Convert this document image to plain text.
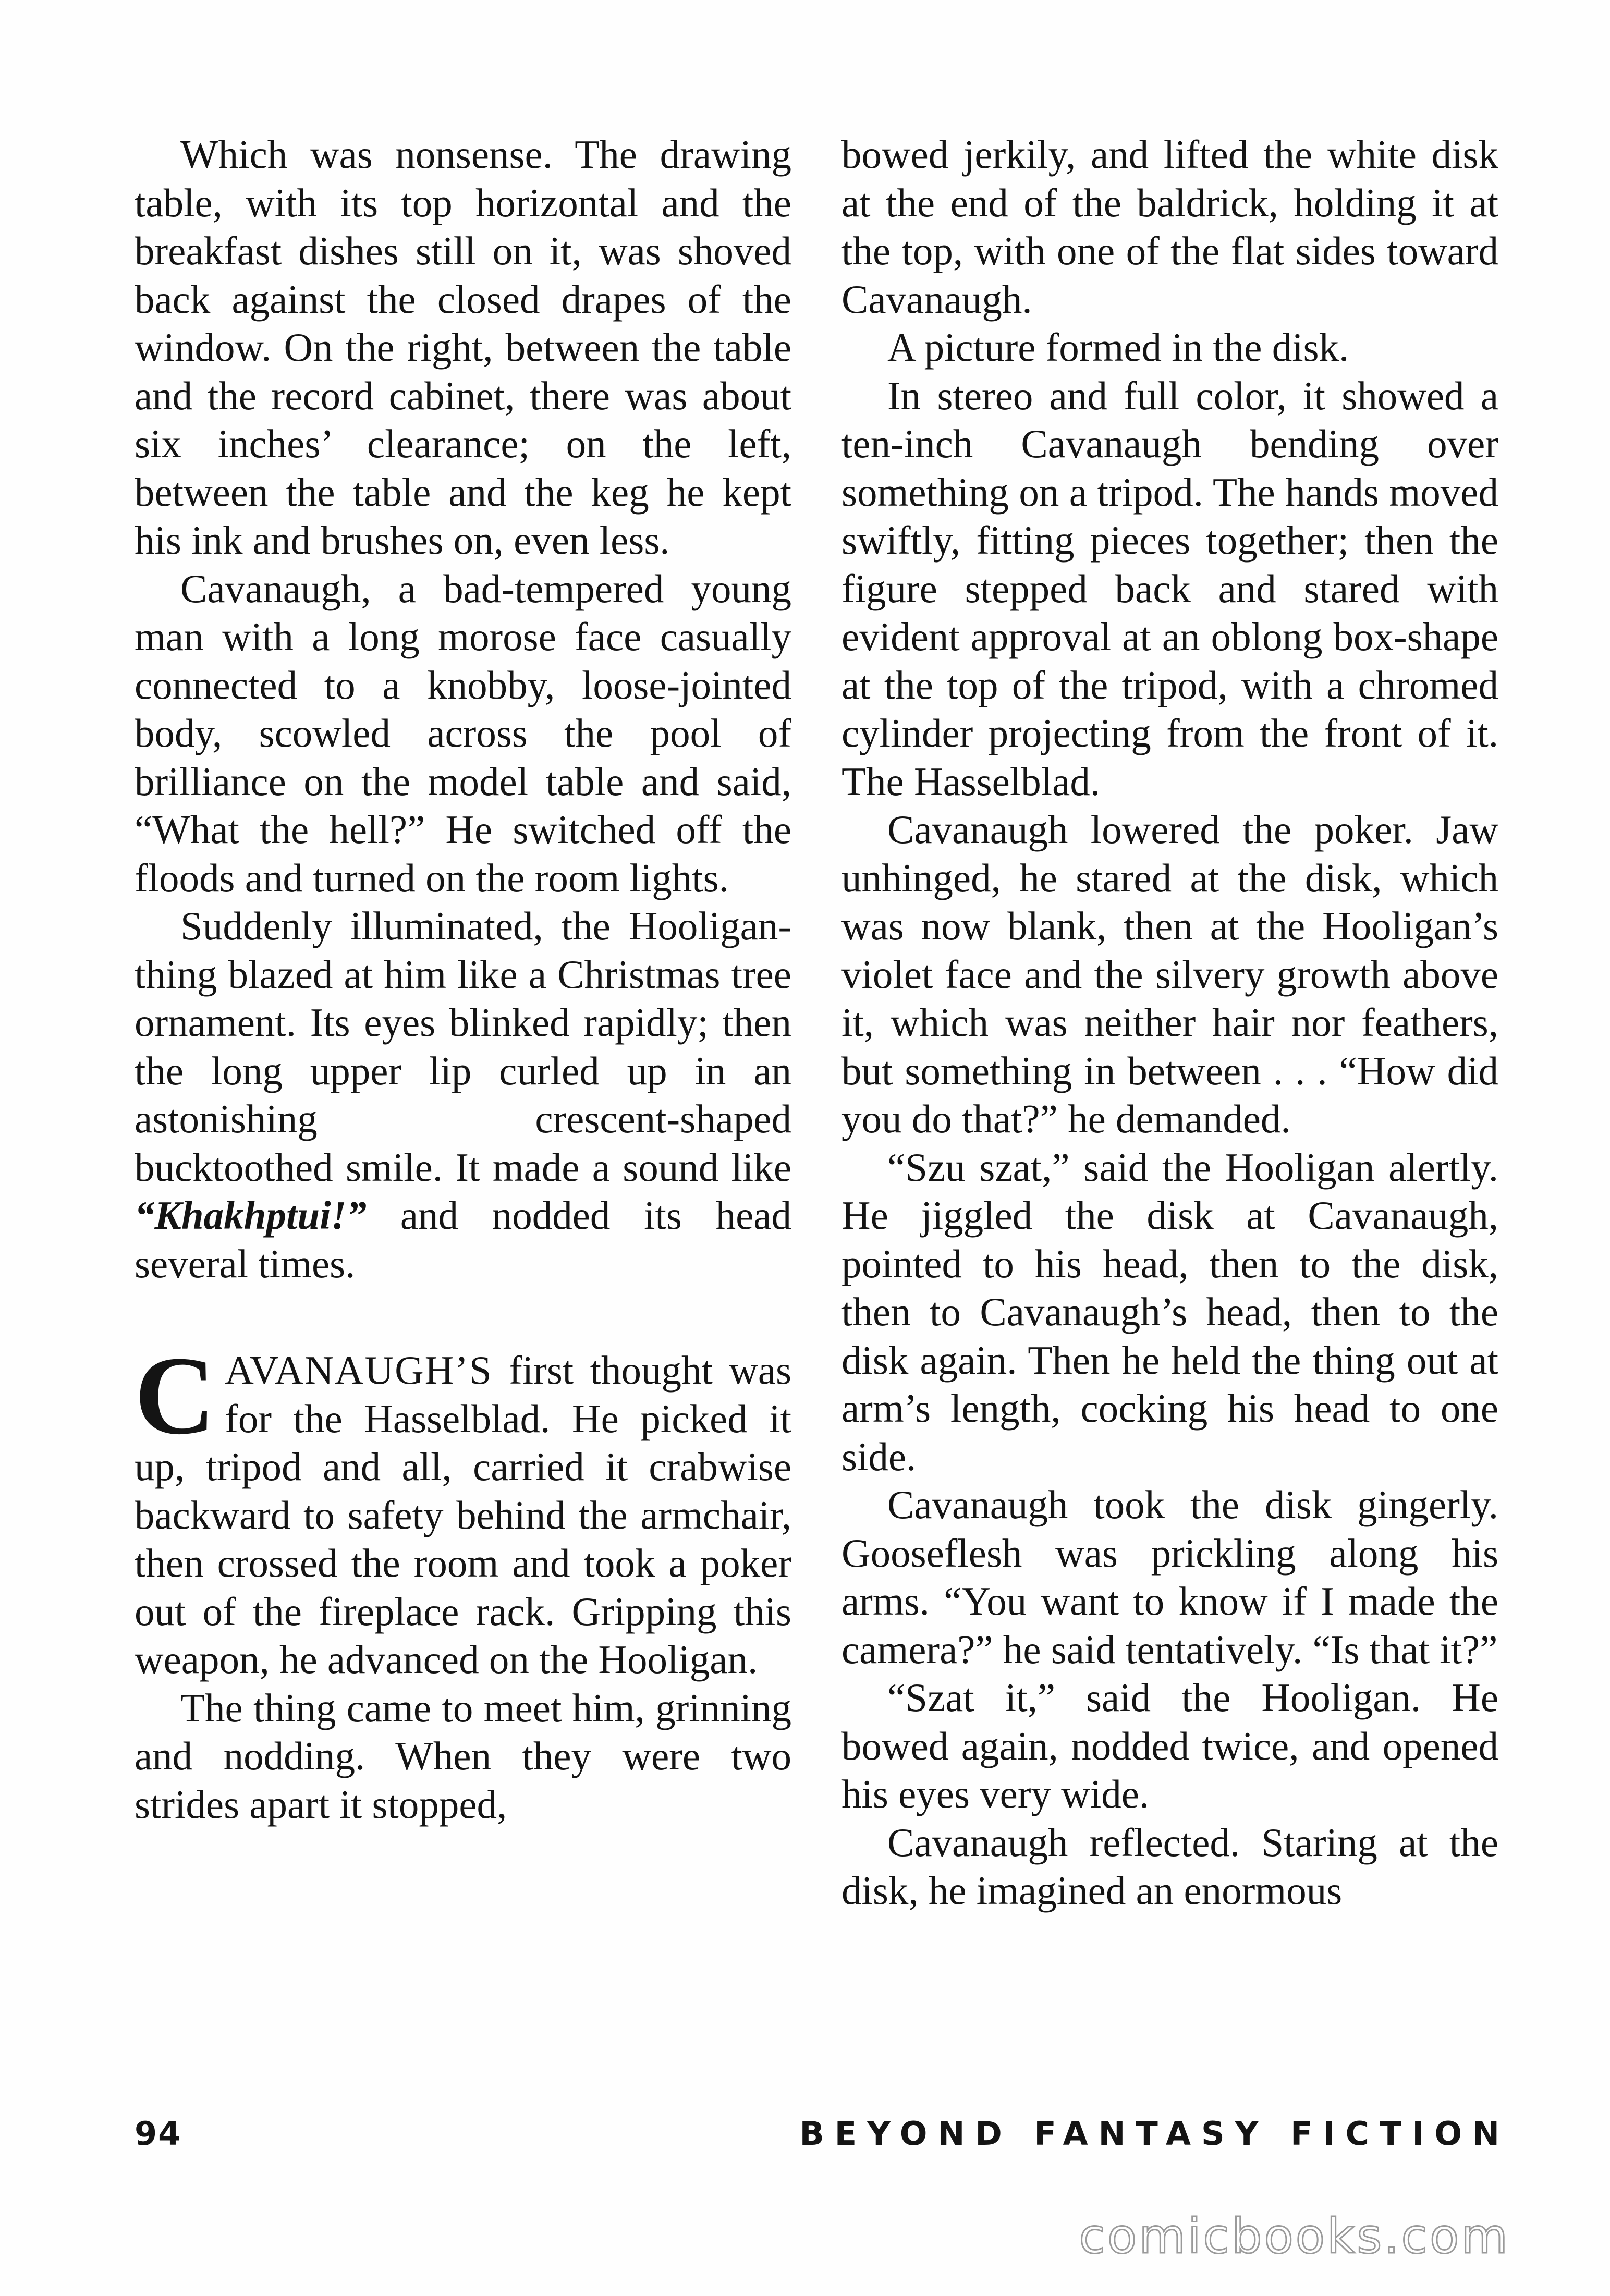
Which was nonsense. The drawing table, with its top horizontal and the breakfast dishes still on it, was shoved back against the closed drapes of the window. On the right, between the table and the record cabinet, there was about six inches’ clearance; on the left, between the table and the keg he kept his ink and brushes on, even less.

Cavanaugh, a bad-tempered young man with a long morose face casually connected to a knobby, loose-jointed body, scowled across the pool of brilliance on the model table and said, “What the hell?” He switched off the floods and turned on the room lights.

Suddenly illuminated, the Hooligan-thing blazed at him like a Christmas tree ornament. Its eyes blinked rapidly; then the long upper lip curled up in an astonishing crescent-shaped bucktoothed smile. It made a sound like “Khakhptui!” and nodded its head several times.

CAVANAUGH’S first thought was for the Hasselblad. He picked it up, tripod and all, carried it crabwise backward to safety behind the armchair, then crossed the room and took a poker out of the fireplace rack. Gripping this weapon, he advanced on the Hooligan.

The thing came to meet him, grinning and nodding. When they were two strides apart it stopped,

bowed jerkily, and lifted the white disk at the end of the baldrick, holding it at the top, with one of the flat sides toward Cavanaugh.

A picture formed in the disk.

In stereo and full color, it showed a ten-inch Cavanaugh bending over something on a tripod. The hands moved swiftly, fitting pieces together; then the figure stepped back and stared with evident approval at an oblong box-shape at the top of the tripod, with a chromed cylinder projecting from the front of it. The Hasselblad.

Cavanaugh lowered the poker. Jaw unhinged, he stared at the disk, which was now blank, then at the Hooligan’s violet face and the silvery growth above it, which was neither hair nor feathers, but something in between . . . “How did you do that?” he demanded.

“Szu szat,” said the Hooligan alertly. He jiggled the disk at Cavanaugh, pointed to his head, then to the disk, then to Cavanaugh’s head, then to the disk again. Then he held the thing out at arm’s length, cocking his head to one side.

Cavanaugh took the disk gingerly. Gooseflesh was prickling along his arms. “You want to know if I made the camera?” he said tentatively. “Is that it?”

“Szat it,” said the Hooligan. He bowed again, nodded twice, and opened his eyes very wide.

Cavanaugh reflected. Staring at the disk, he imagined an enormous

94	BEYOND FANTASY FICTION
comicbooks.com
